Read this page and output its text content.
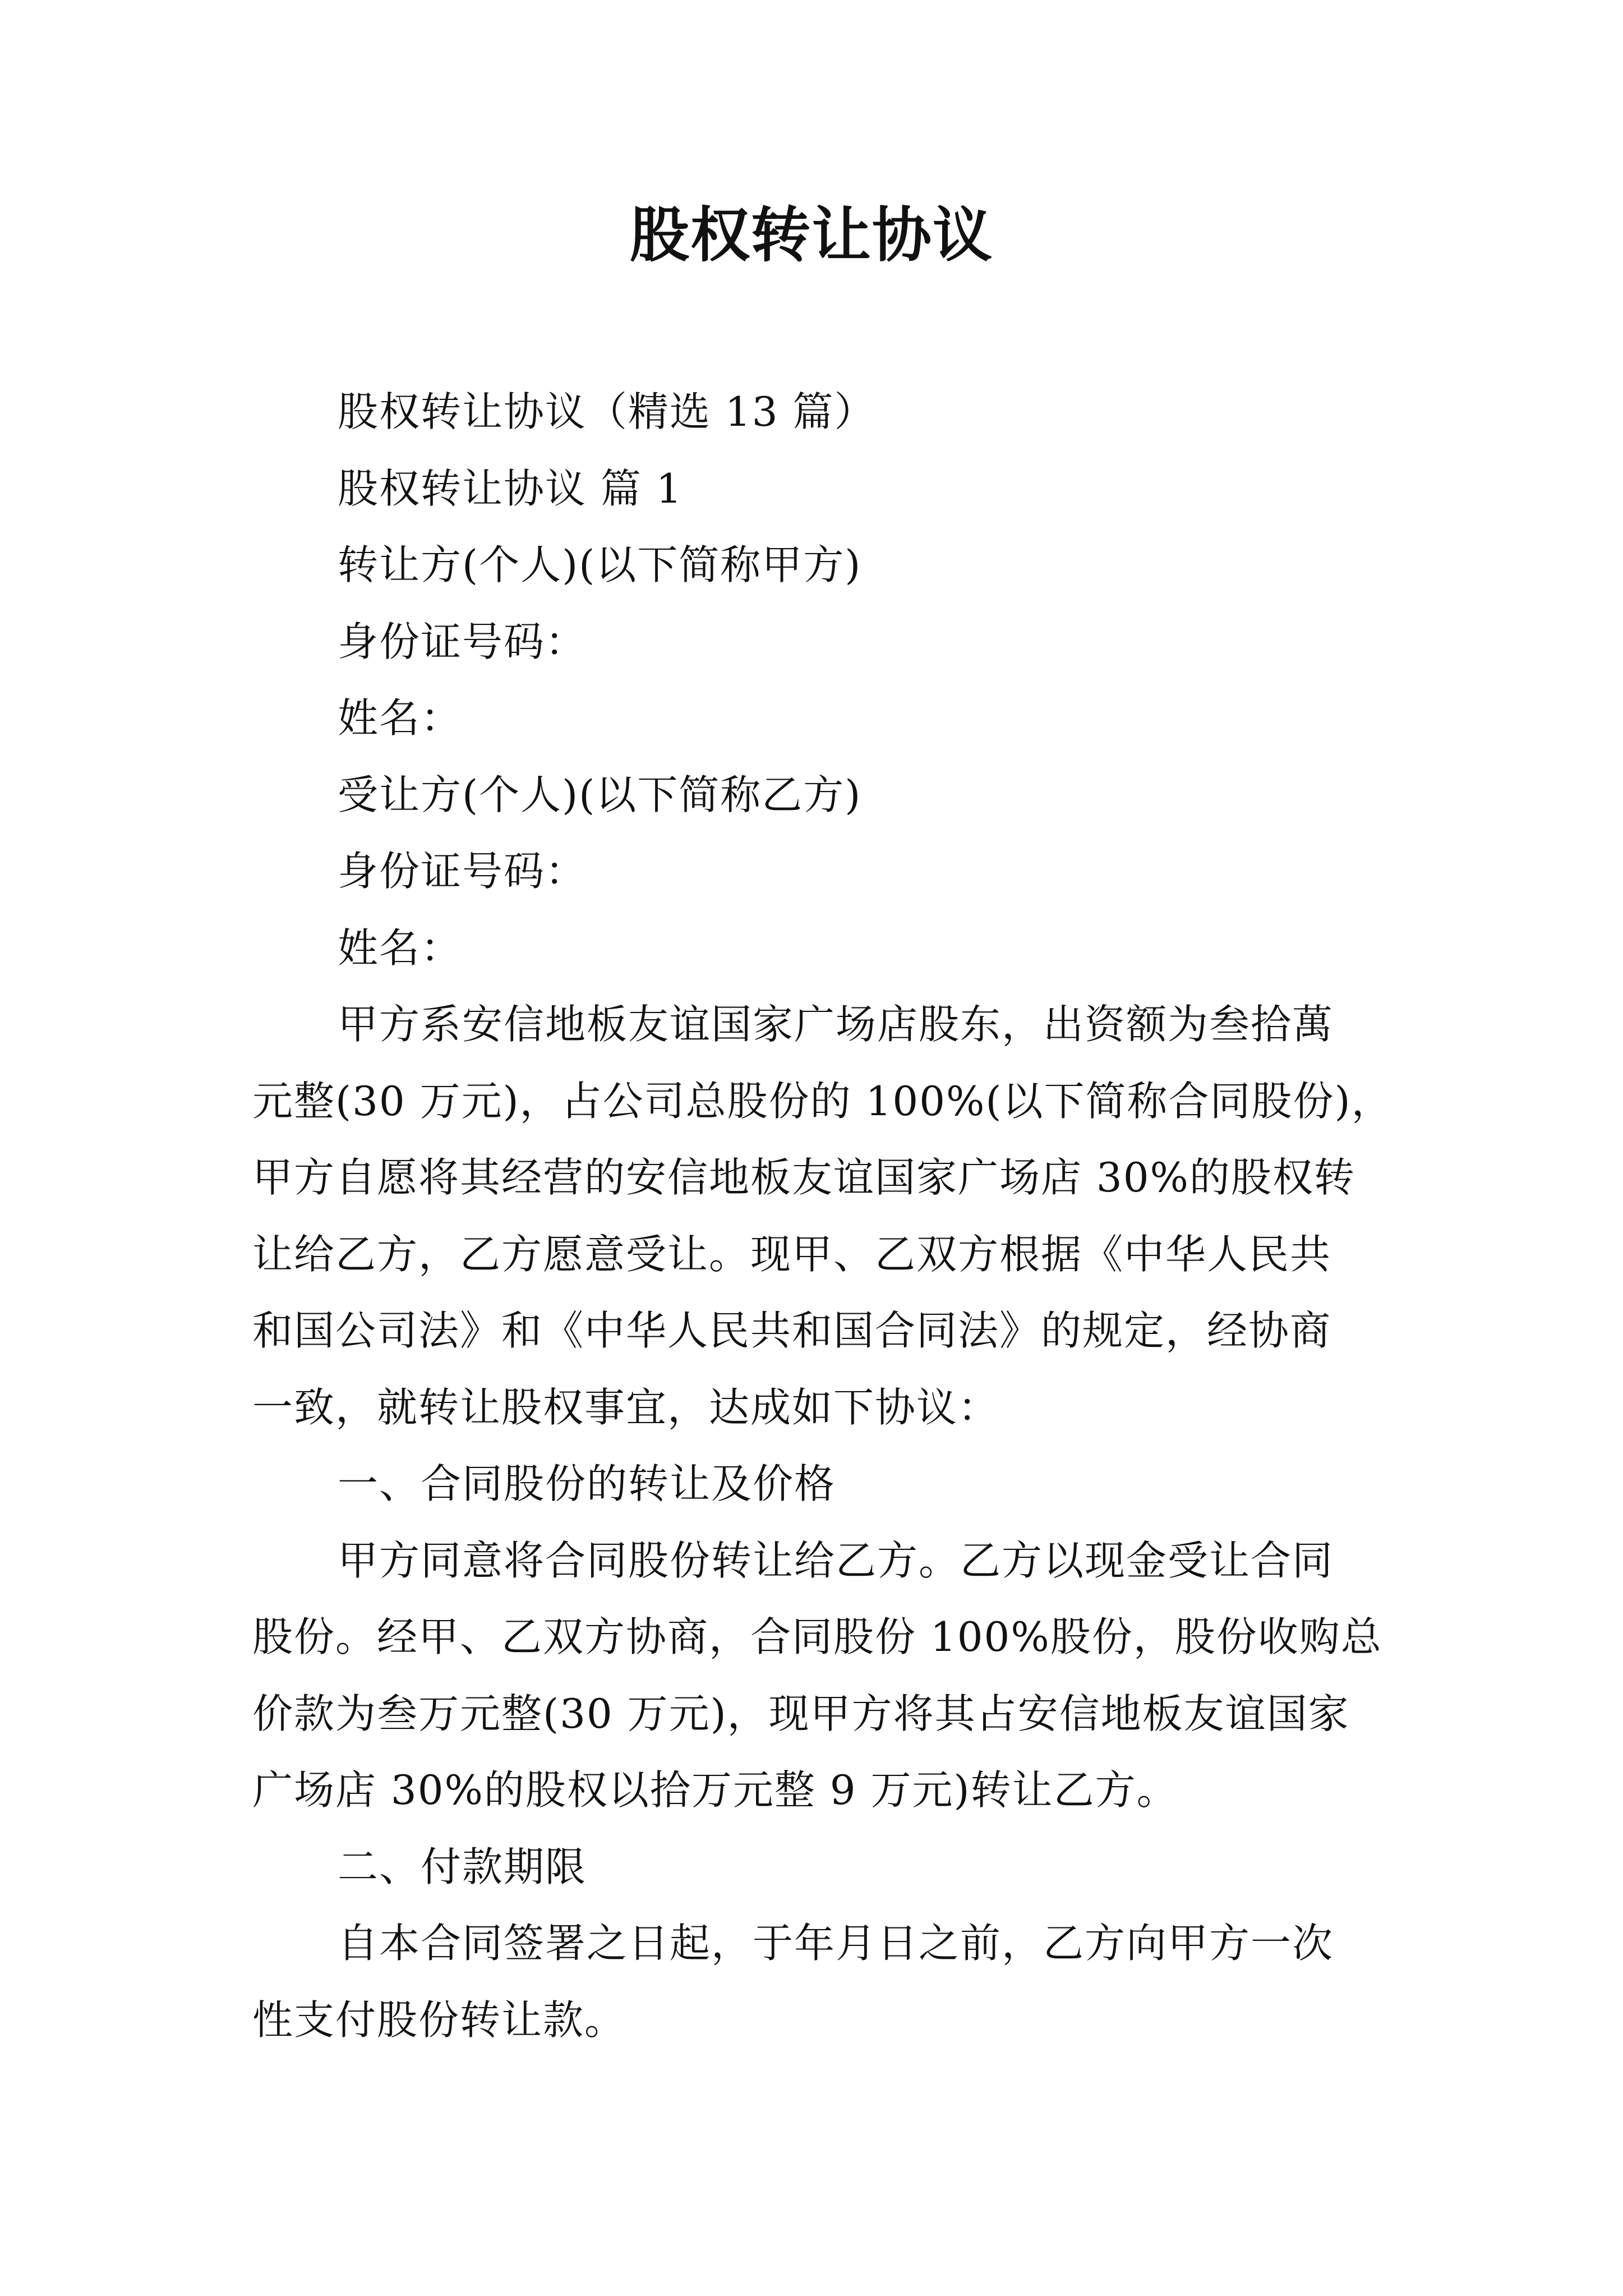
股权转让协议
股权转让协议（精选 13 篇）
股权转让协议 篇 1
转让方(个人)(以下简称甲方)
身份证号码：
姓名：
受让方(个人)(以下简称乙方)
身份证号码：
姓名：
甲方系安信地板友谊国家广场店股东，出资额为叁拾萬
元整(30 万元)，占公司总股份的 100%(以下简称合同股份)，
甲方自愿将其经营的安信地板友谊国家广场店 30%的股权转
让给乙方，乙方愿意受让。现甲、乙双方根据《中华人民共
和国公司法》和《中华人民共和国合同法》的规定，经协商
一致，就转让股权事宜，达成如下协议：
一、合同股份的转让及价格
甲方同意将合同股份转让给乙方。乙方以现金受让合同
股份。经甲、乙双方协商，合同股份 100%股份，股份收购总
价款为叁万元整(30 万元)，现甲方将其占安信地板友谊国家
广场店 30%的股权以拾万元整 9 万元)转让乙方。
二、付款期限
自本合同签署之日起，于年月日之前，乙方向甲方一次
性支付股份转让款。
